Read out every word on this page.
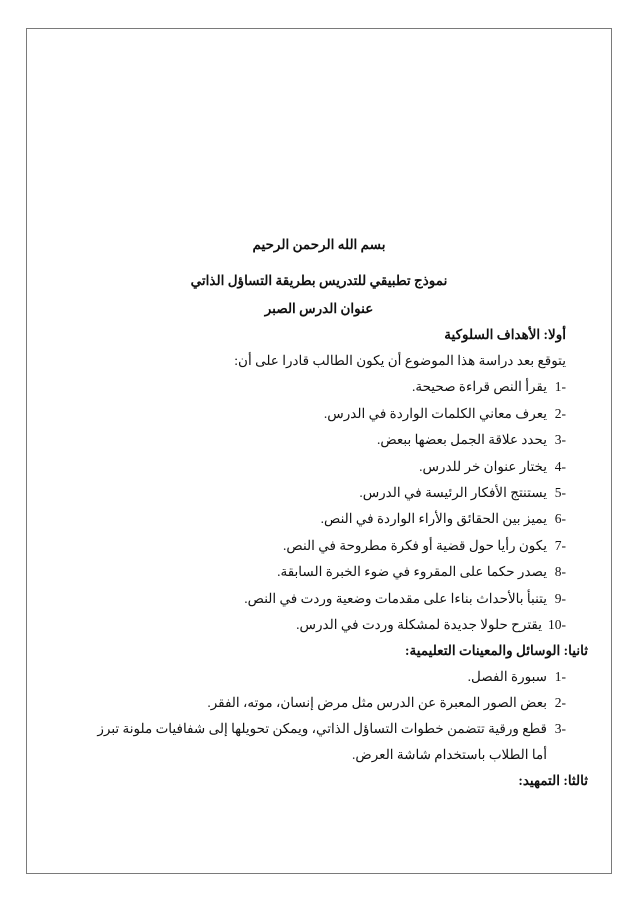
بسم الله الرحمن الرحيم
نموذج تطبيقي للتدريس بطريقة التساؤل الذاتي
عنوان الدرس الصبر
أولا: الأهداف السلوكية
يتوقع بعد دراسة هذا الموضوع أن يكون الطالب قادرا على أن:
-1
يقرأ النص قراءة صحيحة.
-2
يعرف معاني الكلمات الواردة في الدرس.
-3
يحدد علاقة الجمل بعضها ببعض.
-4
يختار عنوان خر للدرس.
-5
يستنتج الأفكار الرئيسة في الدرس.
-6
يميز بين الحقائق والأراء الواردة في النص.
-7
يكون رأيا حول قضية أو فكرة مطروحة في النص.
-8
يصدر حكما على المقروء في ضوء الخبرة السابقة.
-9
يتنبأ بالأحداث بناءا على مقدمات وضعية وردت في النص.
-10
يقترح حلولا جديدة لمشكلة وردت في الدرس.
ثانيا: الوسائل والمعينات التعليمية:
-1
سبورة الفصل.
-2
بعض الصور المعبرة عن الدرس مثل مرض إنسان، موته، الفقر.
-3
قطع ورقية تتضمن خطوات التساؤل الذاتي، ويمكن تحويلها إلى شفافيات ملونة تبرز
أما الطلاب باستخدام شاشة العرض.
ثالثا: التمهيد:
